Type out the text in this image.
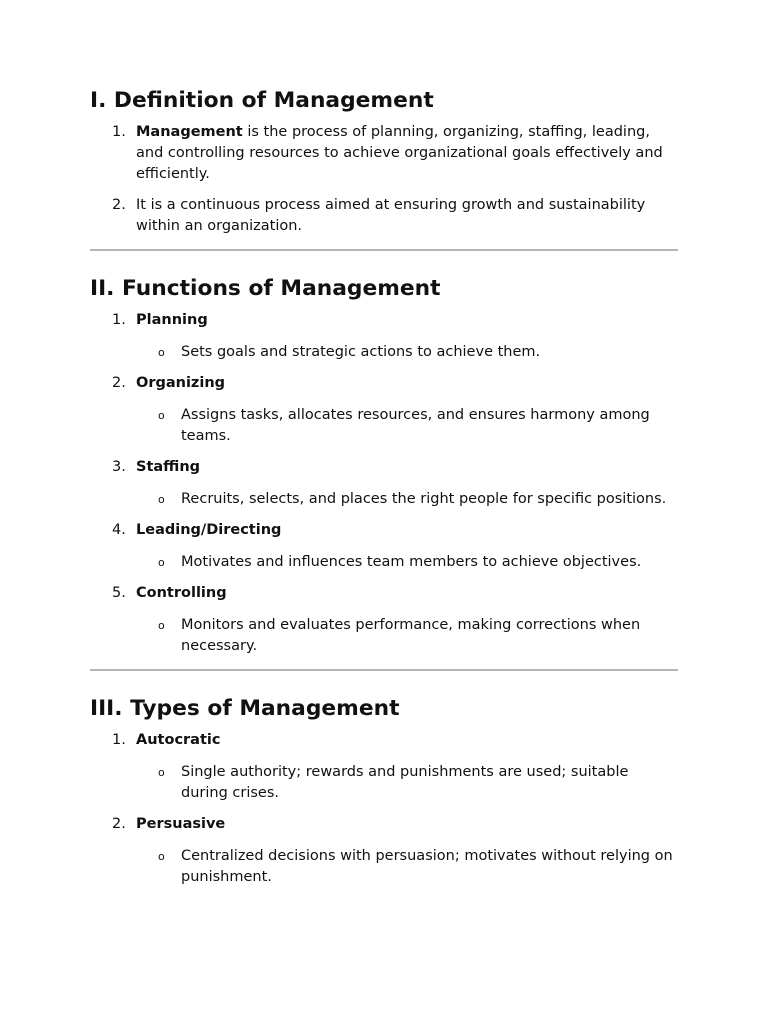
I. Definition of Management
1. Management is the process of planning, organizing, staffing, leading, and controlling resources to achieve organizational goals effectively and efficiently.
2. It is a continuous process aimed at ensuring growth and sustainability within an organization.
II. Functions of Management
1. Planning
o Sets goals and strategic actions to achieve them.
2. Organizing
o Assigns tasks, allocates resources, and ensures harmony among teams.
3. Staffing
o Recruits, selects, and places the right people for specific positions.
4. Leading/Directing
o Motivates and influences team members to achieve objectives.
5. Controlling
o Monitors and evaluates performance, making corrections when necessary.
III. Types of Management
1. Autocratic
o Single authority; rewards and punishments are used; suitable during crises.
2. Persuasive
o Centralized decisions with persuasion; motivates without relying on punishment.
